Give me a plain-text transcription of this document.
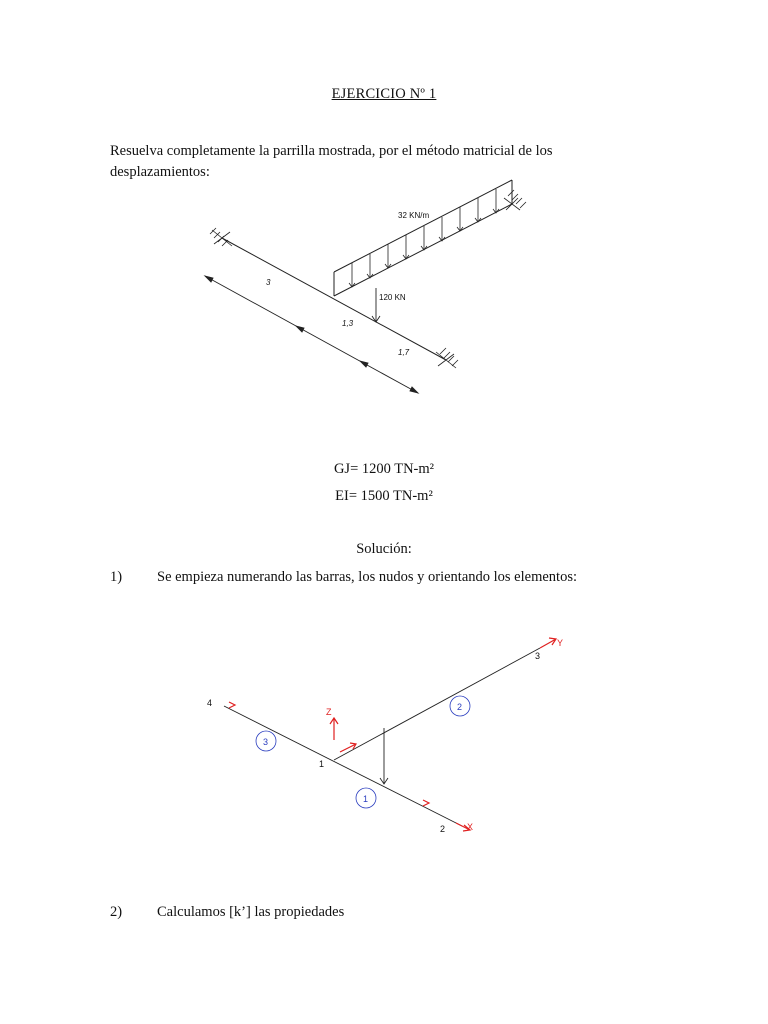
EJERCICIO Nº 1
Resuelva completamente la parrilla mostrada, por el método matricial de los desplazamientos:
32 KN/m
120 KN
3
1,3
1,7
3
2
1
4
1
2
3
Y
X
Z
GJ= 1200 TN-m²
EI= 1500 TN-m²
Solución:
1) Se empieza numerando las barras, los nudos y orientando los elementos:
2) Calculamos [k’] las propiedades
